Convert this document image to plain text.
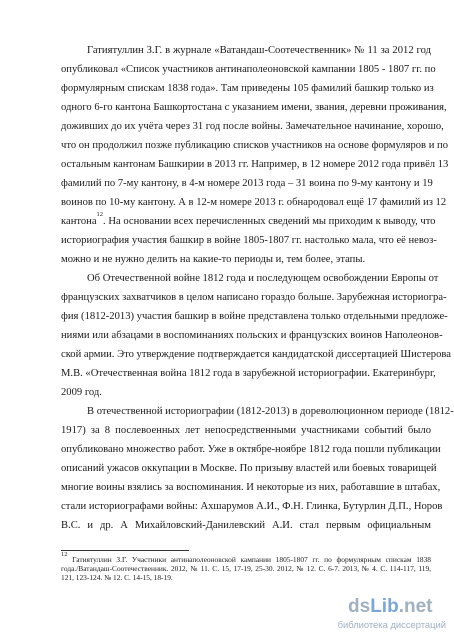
Гатиятуллин З.Г. в журнале «Ватандаш-Соотечественник» № 11 за 2012 год
опубликовал «Список участников антинаполеоновской кампании 1805 - 1807 гг. по
формулярным спискам 1838 года». Там приведены 105 фамилий башкир только из
одного 6-го кантона Башкортостана с указанием имени, звания, деревни проживания,
доживших до их учёта через 31 год после войны. Замечательное начинание, хорошо,
что он продолжил позже публикацию списков участников на основе формуляров и по
остальным кантонам Башкирии в 2013 гг. Например, в 12 номере 2012 года привёл 13
фамилий по 7-му кантону, в 4-м номере 2013 года – 31 воина по 9-му кантону и 19
воинов по 10-му кантону. А в 12-м номере 2013 г. обнародовал ещё 17 фамилий из 12
кантона
12
. На основании всех перечисленных сведений мы приходим к выводу, что
историография участия башкир в войне 1805-1807 гг. настолько мала, что её невоз-
можно и не нужно делить на какие-то периоды и, тем более, этапы.
Об Отечественной войне 1812 года и последующем освобождении Европы от
французских захватчиков в целом написано гораздо больше. Зарубежная историогра-
фия (1812-2013) участия башкир в войне представлена только отдельными предложе-
ниями или абзацами в воспоминаниях польских и французских воинов Наполеонов-
ской армии. Это утверждение подтверждается кандидатской диссертацией Шистерова
М.В. «Отечественная война 1812 года в зарубежной историографии. Екатеринбург,
2009 год.
В отечественной историографии (1812-2013) в дореволюционном периоде (1812-
1917) за 8 послевоенных лет непосредственными участниками событий было
опубликовано множество работ. Уже в октябре-ноябре 1812 года пошли публикации
описаний ужасов оккупации в Москве. По призыву властей или боевых товарищей
многие воины взялись за воспоминания. И некоторые из них, работавшие в штабах,
стали историографами войны: Ахшарумов А.И., Ф.Н. Глинка, Бутурлин Д.П., Норов
В.С. и др. А Михайловский-Данилевский А.И. стал первым официальным
12
Гатиятуллин З.Г. Участники антинаполеоновской кампании 1805-1807 гг. по формулярным спискам 1838
года./Ватандаш-Соотечественник. 2012, № 11. С. 15, 17-19, 25-30. 2012, № 12. С. 6-7. 2013, № 4. С. 114-117, 119,
121, 123-124. № 12. С. 14-15, 18-19.
dsLib.net
библиотека диссертаций
